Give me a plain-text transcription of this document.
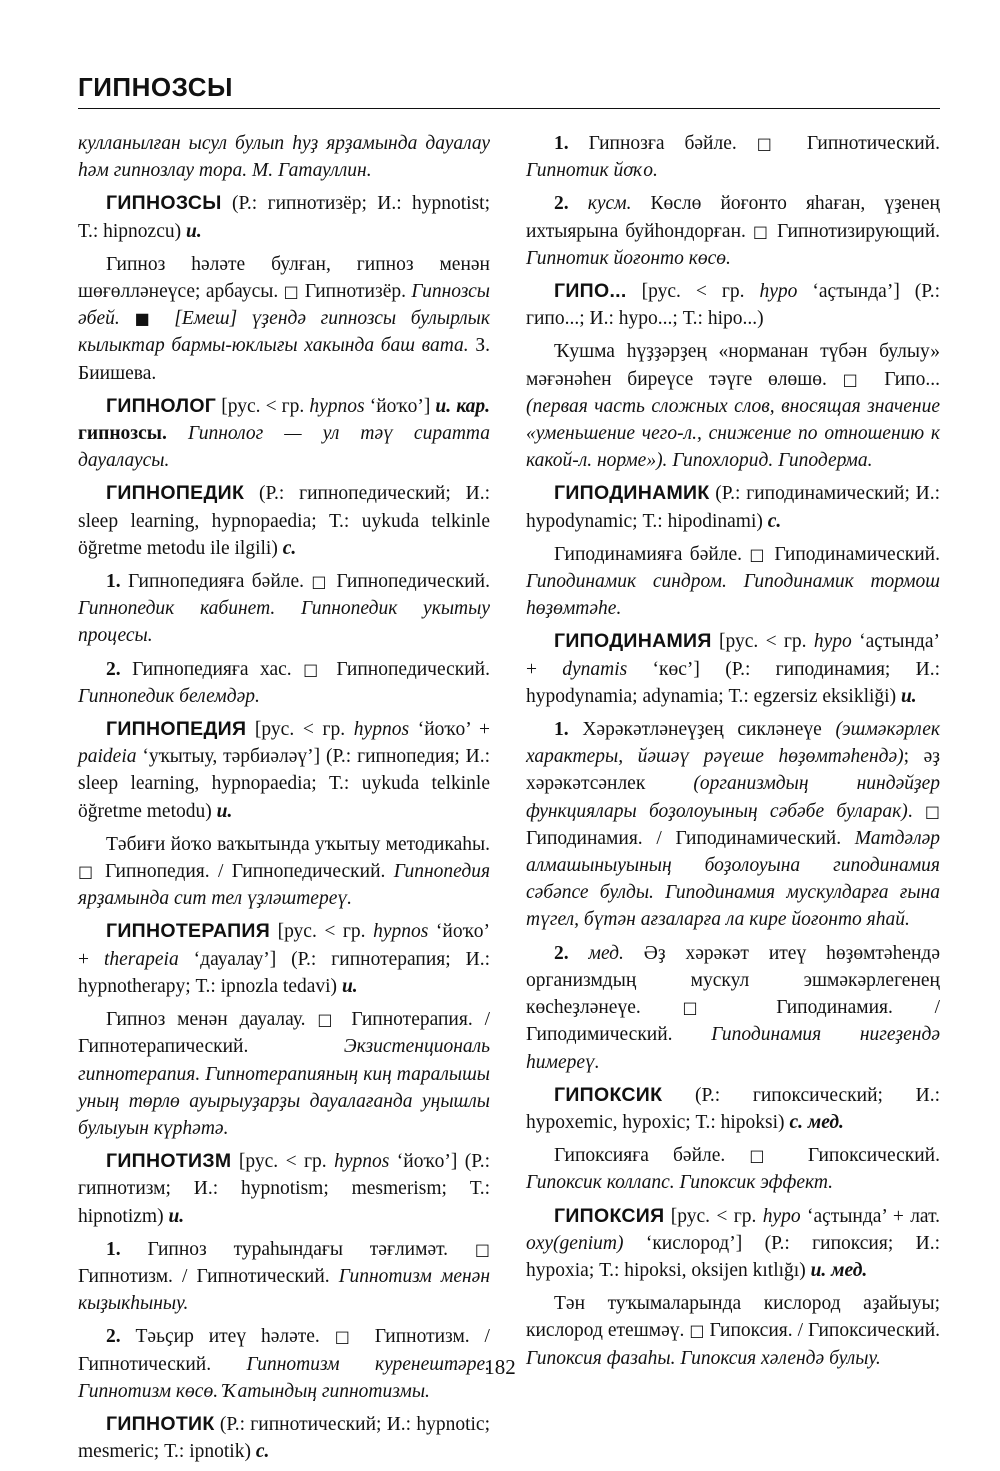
ГИПНОЗСЫ

кулланылған ысул булып һуҙ ярҙамында дауалау һәм гипнозлау тора. М. Гатауллин.

ГИПНОЗСЫ (Р.: гипнотизёр; И.: hypnotist; Т.: hipnozcu) и.

Гипноз һәләте булған, гипноз менән шөғөлләнеүсе; арбаусы. □ Гипнотизёр. Гипнозсы әбей. ■ [Емеш] үҙендә гипнозсы булырлык кылыктар бармы-юклығы хакында баш вата. З. Биишева.

ГИПНОЛОГ [рус. < гр. hypnos ‘йоҡо’] и. кар. гипнозсы. Гипнолог — ул тәү сиратта дауалаусы.

ГИПНОПЕДИК (Р.: гипнопедический; И.: sleep learning, hypnopaedia; Т.: uykuda telkinle öğretme metodu ile ilgili) с.

1. Гипнопедияға бәйле. □ Гипнопедический. Гипнопедик кабинет. Гипнопедик укытыу процесы.

2. Гипнопедияға хас. □ Гипнопедический. Гипнопедик белемдәр.

ГИПНОПЕДИЯ [рус. < гр. hypnos ‘йоҡо’ + paideia ‘уҡытыу, тәрбиәләү’] (Р.: гипнопедия; И.: sleep learning, hypnopaedia; Т.: uykuda telkinle öğretme metodu) и.

Тәбиғи йоҡо ваҡытында уҡытыу методикаһы. □ Гипнопедия. / Гипнопедический. Гипнопедия ярҙамында сит тел үҙләштереү.

ГИПНОТЕРАПИЯ [рус. < гр. hypnos ‘йоҡо’ + therapeia ‘дауалау’] (Р.: гипнотерапия; И.: hypnotherapy; Т.: ipnozla tedavi) и.

Гипноз менән дауалау. □ Гипнотерапия. / Гипнотерапический. Экзистенциональ гипнотерапия. Гипнотерапияның киң таралышы уның төрлө ауырыуҙарҙы дауалағанда уңышлы булыуын күрһәтә.

ГИПНОТИЗМ [рус. < гр. hypnos ‘йоҡо’] (Р.: гипнотизм; И.: hypnotism; mesmerism; Т.: hipnotizm) и.

1. Гипноз тураһындағы тәғлимәт. □ Гипнотизм. / Гипнотический. Гипнотизм менән кыҙыкһыныу.

2. Тәьҫир итеү һәләте. □ Гипнотизм. / Гипнотический. Гипнотизм куренештәре. Гипнотизм көсө. Ҡатындың гипнотизмы.

ГИПНОТИК (Р.: гипнотический; И.: hypnotic; mesmeric; Т.: ipnotik) с.

1. Гипнозға бәйле. □ Гипнотический. Гипнотик йоҡо.

2. кусм. Көслө йоғонто яһаған, үҙенең ихтыярына буйһондорған. □ Гипнотизирующий. Гипнотик йоғонто көсө.

ГИПО... [рус. < гр. hypo ‘аҫтында’] (Р.: гипо...; И.: hypo...; Т.: hipo...)

Ҡушма һүҙҙәрҙең «норманан түбән булыу» мәғәнәһен биреүсе тәүге өлөшө. □ Гипо... (первая часть сложных слов, вносящая значение «уменьшение чего-л., снижение по отношению к какой-л. норме»). Гипохлорид. Гиподерма.

ГИПОДИНАМИК (Р.: гиподинамический; И.: hypodynamic; Т.: hipodinami) с.

Гиподинамияға бәйле. □ Гиподинамический. Гиподинамик синдром. Гиподинамик тормош һөҙөмтәһе.

ГИПОДИНАМИЯ [рус. < гр. hypo ‘аҫтында’ + dynamis ‘көс’] (Р.: гиподинамия; И.: hypodynamia; adynamia; Т.: egzersiz eksikliği) и.

1. Хәрәкәтләнеүҙең сикләнеүе (эшмәкәрлек характеры, йәшәү рәүеше һөҙөмтәһендә); әҙ хәрәкәтсәнлек (организмдың ниндәйҙер функциялары боҙолоуының сәбәбе буларак). □ Гиподинамия. / Гиподинамический. Матдәләр алмашыныуының боҙолоуына гиподинамия сәбәпсе булды. Гиподинамия мускулдарға ғына түгел, бүтән ағзаларға ла кире йоғонто яһай.

2. мед. Әҙ хәрәкәт итеү һөҙөмтәһендә организмдың мускул эшмәкәрлегенең көсһеҙләнеүе. □ Гиподинамия. / Гиподимический. Гиподинамия нигеҙендә һимереү.

ГИПОКСИК (Р.: гипоксический; И.: hypoxemic, hypoxic; Т.: hipoksi) с. мед.

Гипоксияға бәйле. □ Гипоксический. Гипоксик коллапс. Гипоксик эффект.

ГИПОКСИЯ [рус. < гр. hypo ‘аҫтында’ + лат. oxy(genium) ‘кислород’] (Р.: гипоксия; И.: hypoxia; Т.: hipoksi, oksijen kıtlığı) и. мед.

Тән туҡымаларында кислород аҙайыуы; кислород етешмәү. □ Гипоксия. / Гипоксический. Гипоксия фазаһы. Гипоксия хәлендә булыу.

182
